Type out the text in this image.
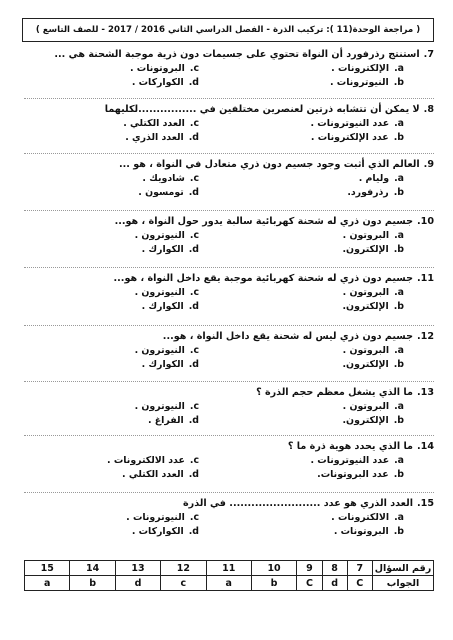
( مراجعة الوحدة(11 ): تركيب الذرة - الفصل الدراسي الثاني 2016 / 2017 - للصف التاسع )
7.استنتج رذرفورد أن النواة تحتوي على جسيمات دون ذرية موجبة الشحنة هي ...
a.الإلكترونات .
c.البروتونات .
b.النيوترونات .
d.الكواركات .
8.لا يمكن أن تتشابه ذرتين لعنصرين مختلفين في ................لكليهما
a.عدد النيوترونات .
c.العدد الكتلي .
b.عدد الإلكترونات .
d.العدد الذري .
9.العالم الذي أثبت وجود جسيم دون ذري متعادل في النواة ، هو ...
a.وليام .
c.شادويك .
b.رذرفورد.
d.تومسون .
10.جسيم دون ذري له شحنة كهربائية سالبة يدور حول النواة ، هو...
a.البروتون .
c.النيوترون .
b.الإلكترون.
d.الكوارك .
11.جسيم دون ذري له شحنة كهربائية موجبة يقع داخل النواة ، هو...
a.البروتون .
c.النيوترون .
b.الإلكترون.
d.الكوارك .
12.جسيم دون ذري ليس له شحنة يقع داخل النواة ، هو...
a.البروتون .
c.النيوترون .
b.الإلكترون.
d.الكوارك .
13.ما الذي يشغل معظم حجم الذرة ؟
a.البروتون .
c.النيوترون .
b.الإلكترون.
d.الفراغ .
14.ما الذي يحدد هوية ذرة ما ؟
a.عدد النيوترونات .
c.عدد الالكترونات .
b.عدد البروتونات.
d.العدد الكتلي .
15.العدد الذري هو عدد ......................... في الذرة
a.الالكترونات .
c.النيوترونات .
b.البروتونات .
d.الكواركات .
رقم السؤال	7	8	9	10	11	12	13	14	15
الجواب	C	d	C	b	a	c	d	b	a
